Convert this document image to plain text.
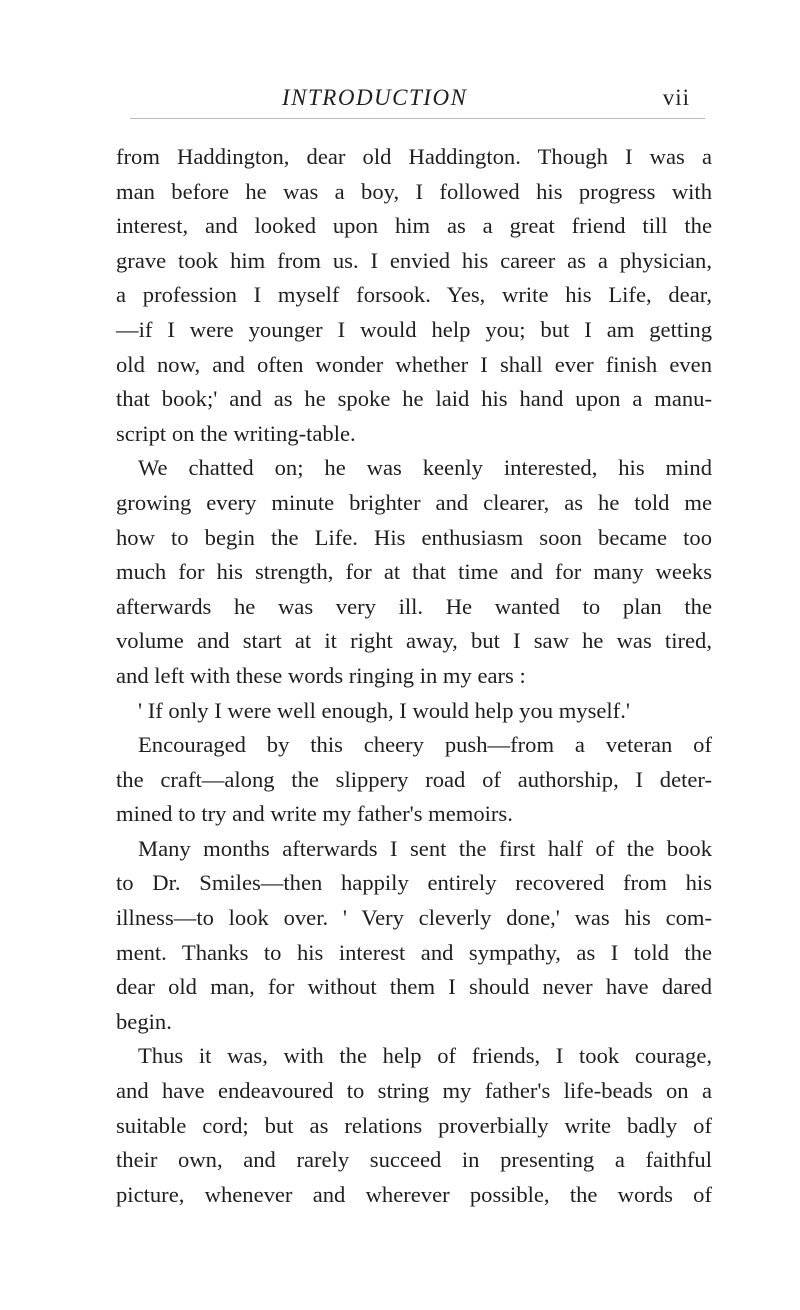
INTRODUCTION	vii
from Haddington, dear old Haddington. Though I was a
man before he was a boy, I followed his progress with
interest, and looked upon him as a great friend till the
grave took him from us. I envied his career as a physician,
a profession I myself forsook. Yes, write his Life, dear,
—if I were younger I would help you; but I am getting
old now, and often wonder whether I shall ever finish even
that book;' and as he spoke he laid his hand upon a manu-
script on the writing-table.
We chatted on; he was keenly interested, his mind
growing every minute brighter and clearer, as he told me
how to begin the Life. His enthusiasm soon became too
much for his strength, for at that time and for many weeks
afterwards he was very ill. He wanted to plan the
volume and start at it right away, but I saw he was tired,
and left with these words ringing in my ears :
' If only I were well enough, I would help you myself.'
Encouraged by this cheery push—from a veteran of
the craft—along the slippery road of authorship, I deter-
mined to try and write my father's memoirs.
Many months afterwards I sent the first half of the book
to Dr. Smiles—then happily entirely recovered from his
illness—to look over. ' Very cleverly done,' was his com-
ment. Thanks to his interest and sympathy, as I told the
dear old man, for without them I should never have dared
begin.
Thus it was, with the help of friends, I took courage,
and have endeavoured to string my father's life-beads on a
suitable cord; but as relations proverbially write badly of
their own, and rarely succeed in presenting a faithful
picture, whenever and wherever possible, the words of
